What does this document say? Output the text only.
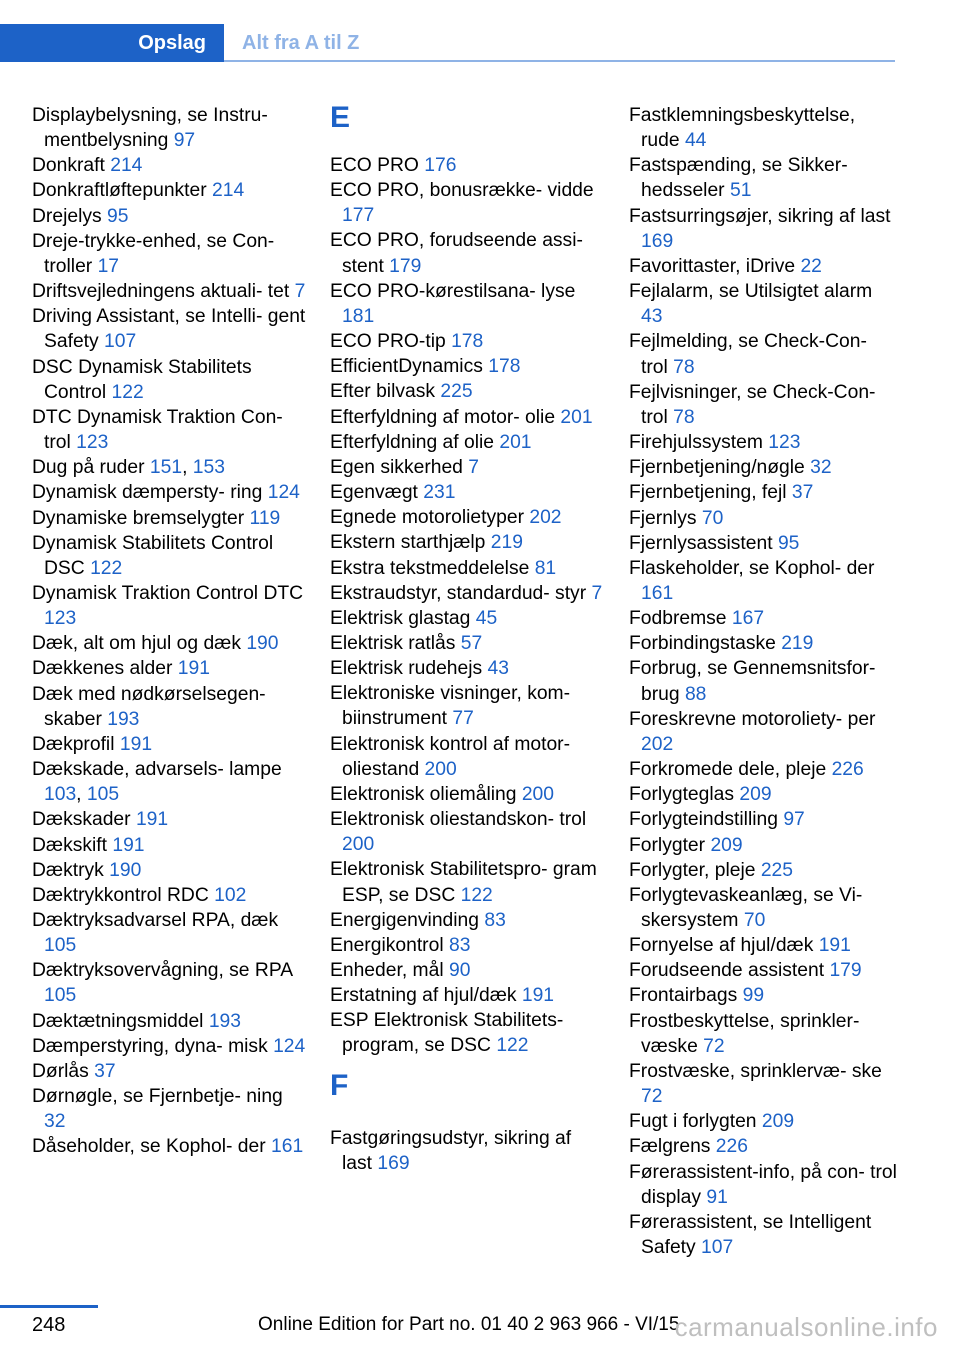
Opslag	Alt fra A til Z
Displaybelysning, se Instru‐ mentbelysning 97
Donkraft 214
Donkraftløftepunkter 214
Drejelys 95
Dreje-trykke-enhed, se Con‐ troller 17
Driftsvejledningens aktuali‐ tet 7
Driving Assistant, se Intelli‐ gent Safety 107
DSC Dynamisk Stabilitets Control 122
DTC Dynamisk Traktion Con‐ trol 123
Dug på ruder 151, 153
Dynamisk dæmpersty‐ ring 124
Dynamiske bremselygter 119
Dynamisk Stabilitets Control DSC 122
Dynamisk Traktion Control DTC 123
Dæk, alt om hjul og dæk 190
Dækkenes alder 191
Dæk med nødkørselsegen‐ skaber 193
Dækprofil 191
Dækskade, advarsels‐ lampe 103, 105
Dækskader 191
Dækskift 191
Dæktryk 190
Dæktrykkontrol RDC 102
Dæktryksadvarsel RPA, dæk 105
Dæktryksovervågning, se RPA 105
Dæktætningsmiddel 193
Dæmperstyring, dyna‐ misk 124
Dørlås 37
Dørnøgle, se Fjernbetje‐ ning 32
Dåseholder, se Kophol‐ der 161
E
ECO PRO 176
ECO PRO, bonusrække‐ vidde 177
ECO PRO, forudseende assi‐ stent 179
ECO PRO-kørestilsana‐ lyse 181
ECO PRO-tip 178
EfficientDynamics 178
Efter bilvask 225
Efterfyldning af motor‐ olie 201
Efterfyldning af olie 201
Egen sikkerhed 7
Egenvægt 231
Egnede motorolietyper 202
Ekstern starthjælp 219
Ekstra tekstmeddelelse 81
Ekstraudstyr, standardud‐ styr 7
Elektrisk glastag 45
Elektrisk ratlås 57
Elektrisk rudehejs 43
Elektroniske visninger, kom‐ biinstrument 77
Elektronisk kontrol af motor‐ oliestand 200
Elektronisk oliemåling 200
Elektronisk oliestandskon‐ trol 200
Elektronisk Stabilitetspro‐ gram ESP, se DSC 122
Energigenvinding 83
Energikontrol 83
Enheder, mål 90
Erstatning af hjul/dæk 191
ESP Elektronisk Stabilitets‐ program, se DSC 122
F
Fastgøringsudstyr, sikring af last 169
Fastklemningsbeskyttelse, rude 44
Fastspænding, se Sikker‐ hedsseler 51
Fastsurringsøjer, sikring af last 169
Favorittaster, iDrive 22
Fejlalarm, se Utilsigtet alarm 43
Fejlmelding, se Check-Con‐ trol 78
Fejlvisninger, se Check-Con‐ trol 78
Firehjulssystem 123
Fjernbetjening/nøgle 32
Fjernbetjening, fejl 37
Fjernlys 70
Fjernlysassistent 95
Flaskeholder, se Kophol‐ der 161
Fodbremse 167
Forbindingstaske 219
Forbrug, se Gennemsnitsfor‐ brug 88
Foreskrevne motoroliety‐ per 202
Forkromede dele, pleje 226
Forlygteglas 209
Forlygteindstilling 97
Forlygter 209
Forlygter, pleje 225
Forlygtevaskeanlæg, se Vi‐ skersystem 70
Fornyelse af hjul/dæk 191
Forudseende assistent 179
Frontairbags 99
Frostbeskyttelse, sprinkler‐ væske 72
Frostvæske, sprinklervæ‐ ske 72
Fugt i forlygten 209
Fælgrens 226
Førerassistent-info, på con‐ trol display 91
Førerassistent, se Intelligent Safety 107
248	Online Edition for Part no. 01 40 2 963 966 - VI/15
carmanualsonline.info
